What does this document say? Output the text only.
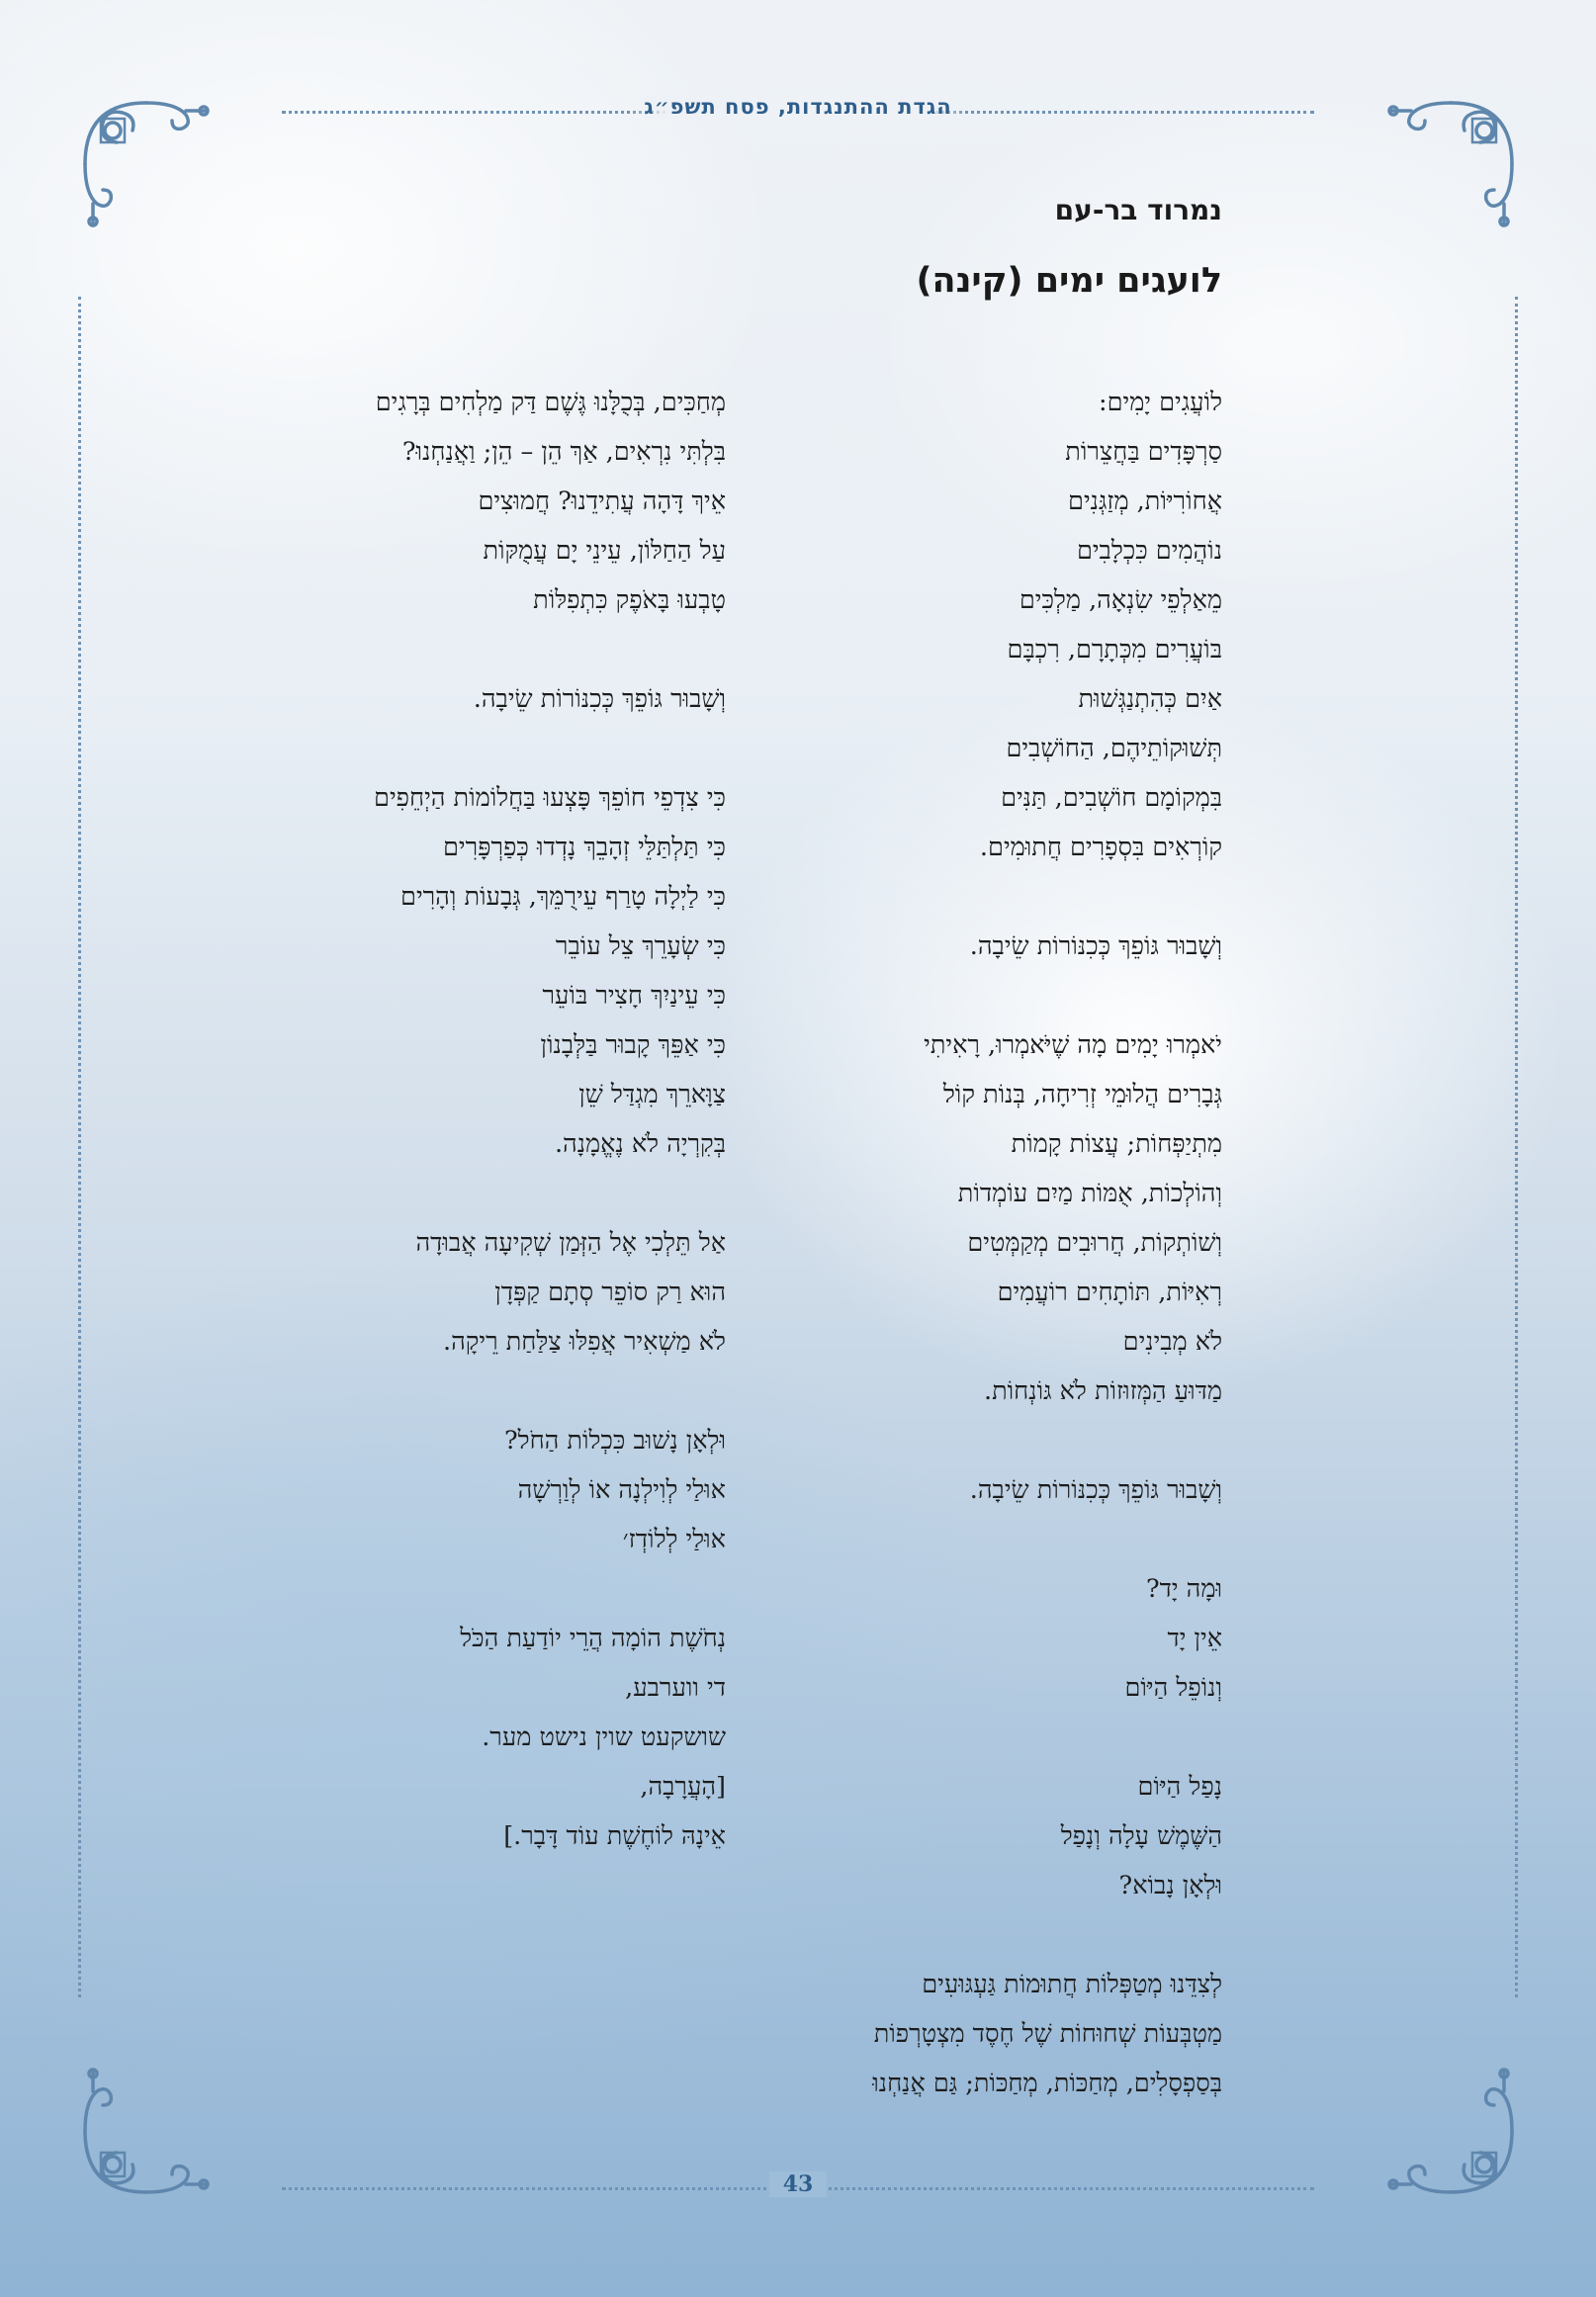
הגדת ההתנגדות, פסח תשפ״ג
נמרוד בר-עם
לועגים ימים (קינה)
לוֹעֲגִים יָמִים:
סַרְפָּדִים בַּחֲצֵרוֹת
אֲחוֹרִיּוֹת, מְזַגְּנִים
נוֹהֲמִים כִּכְלָבִים
מֵאַלְפֵי שִׂנְאָה, מַלְכִּים
בּוֹעֲרִים מִכְּתָרָם, רִכְבָּם
אַיִם כְּהִתְנַגְּשׁוּת
תְּשׁוּקוֹתֵיהֶם, הַחוֹשְׁבִים
בִּמְקוֹמָם חוֹשְׁבִים, תַּנִּים
קוֹרְאִים בִּסְפָרִים חֲתוּמִים.
וְשָׁבוּר גּוֹפֵךְ כְּכִנּוֹרוֹת שֵׂיבָה.
יֹאמְרוּ יָמִים מָה שֶׁיֹּאמְרוּ, רָאִיתִי
גְּבָרִים הֲלוּמֵי זְרִיחָה, בְּנוֹת קוֹל
מִתְיַפְּחוֹת; עֲצוֹת קָמוֹת
וְהוֹלְכוֹת, אֻמּוֹת מַיִם עוֹמְדוֹת
וְשׁוֹתְקוֹת, חֲרוּבִים מְקַמְּטִים
רְאִיּוֹת, תּוֹתָחִים רוֹעֲמִים
לֹא מְבִינִים
מַדּוּעַ הַמְּזוּזוֹת לֹא גּוֹנְחוֹת.
וְשָׁבוּר גּוֹפֵךְ כְּכִנּוֹרוֹת שֵׂיבָה.
וּמָה יָד?
אֵין יָד
וְנוֹפֵל הַיּוֹם
נָפַל הַיּוֹם
הַשֶּׁמֶשׁ עָלָה וְנָפַל
וּלְאָן נָבוֹא?
לְצִדֵּנוּ מְטַפְּלוֹת חֲתוּמוֹת גַּעְגּוּעִים
מַטְבְּעוֹת שְׁחוּחוֹת שֶׁל חֶסֶד מִצְטָרְפוֹת
בְּסַפְסָלִים, מְחַכּוֹת, מְחַכּוֹת; גַּם אֲנַחְנוּ
מְחַכִּים, בְּכֻלָּנוּ גֶּשֶׁם דַּק מַלְחִים בְּרָגִים
בִּלְתִּי נִרְאִים, אַךְ הֵן – הֵן; וַאֲנַחְנוּ?
אֵיךְ דָּהָה עֲתִידֵנוּ? חֲמוּצִים
עַל הַחַלּוֹן, עֵינֵי יָם עֲמֻקּוֹת
טָבְעוּ בָּאֹפֶק כִּתְפִלּוֹת
וְשָׁבוּר גּוֹפֵךְ כְּכִנּוֹרוֹת שֵׂיבָה.
כִּי צִדְפֵי חוֹפֵךְ פָּצְעוּ בַּחֲלוֹמוֹת הַיְחֵפִים
כִּי תַּלְתַּלֵּי זְהָבֵךְ נָדְדוּ כְּפַרְפָּרִים
כִּי לַיְלָה טָרַף עֵירֻמֵּךְ, גְּבָעוֹת וְהָרִים
כִּי שְׂעָרֵךְ צֵל עוֹבֵר
כִּי עֵינַיִךְ חָצִיר בּוֹעֵר
כִּי אַפֵּךְ קָבוּר בַּלְּבָנוֹן
צַוָּארֵךְ מִגְדַּל שֵׁן
בְּקִרְיָה לֹא נֶאֱמָנָה.
אַל תֵּלְכִי אֶל הַזְּמַן שְׁקִיעָה אֲבוּדָה
הוּא רַק סוֹפֵר סְתָם קַפְּדָן
לֹא מַשְׁאִיר אֲפִלּוּ צַלַּחַת רֵיקָה.
וּלְאָן נָשׁוּב כִּכְלוֹת הַחֹל?
אוּלַי לְוִילְנָה אוֹ לְוַרְשָׁה
אוּלַי לְלוֹדְז׳
נְחֹשֶׁת הוֹמָה הֲרֵי יוֹדַעַת הַכֹּל
די ווערבע,
שושקעט שוין נישט מער.
[הָעֲרָבָה,
אֵינָהּ לוֹחֶשֶׁת עוֹד דָּבָר.]
43
